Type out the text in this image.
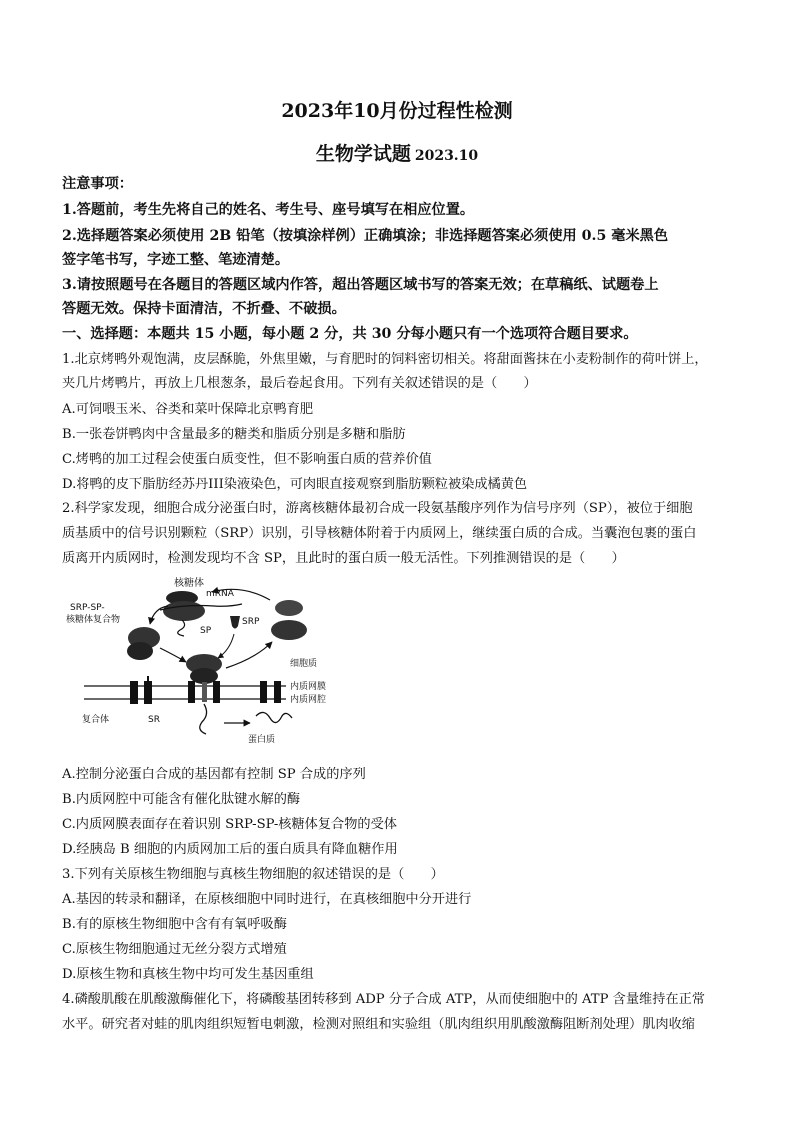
2023年10月份过程性检测
生物学试题 2023.10
注意事项：
1.答题前，考生先将自己的姓名、考生号、座号填写在相应位置。
2.选择题答案必须使用 2B 铅笔（按填涂样例）正确填涂；非选择题答案必须使用 0.5 毫米黑色
签字笔书写，字迹工整、笔迹清楚。
3.请按照题号在各题目的答题区域内作答，超出答题区域书写的答案无效；在草稿纸、试题卷上
答题无效。保持卡面清洁，不折叠、不破损。
一、选择题：本题共 15 小题，每小题 2 分，共 30 分每小题只有一个选项符合题目要求。
1.北京烤鸭外观饱满，皮层酥脆，外焦里嫩，与育肥时的饲料密切相关。将甜面酱抹在小麦粉制作的荷叶饼上，
夹几片烤鸭片，再放上几根葱条，最后卷起食用。下列有关叙述错误的是（　　）
A.可饲喂玉米、谷类和菜叶保障北京鸭育肥
B.一张卷饼鸭肉中含量最多的糖类和脂质分别是多糖和脂肪
C.烤鸭的加工过程会使蛋白质变性，但不影响蛋白质的营养价值
D.将鸭的皮下脂肪经苏丹III染液染色，可肉眼直接观察到脂肪颗粒被染成橘黄色
2.科学家发现，细胞合成分泌蛋白时，游离核糖体最初合成一段氨基酸序列作为信号序列（SP），被位于细胞
质基质中的信号识别颗粒（SRP）识别，引导核糖体附着于内质网上，继续蛋白质的合成。当囊泡包裹的蛋白
质离开内质网时，检测发现均不含 SP，且此时的蛋白质一般无活性。下列推测错误的是（　　）
核糖体
mRNA
SP
SRP
SRP-SP-
核糖体复合物
复合体	SR
蛋白质
细胞质
内质网膜
内质网腔
A.控制分泌蛋白合成的基因都有控制 SP 合成的序列
B.内质网腔中可能含有催化肽键水解的酶
C.内质网膜表面存在着识别 SRP-SP-核糖体复合物的受体
D.经胰岛 B 细胞的内质网加工后的蛋白质具有降血糖作用
3.下列有关原核生物细胞与真核生物细胞的叙述错误的是（　　）
A.基因的转录和翻译，在原核细胞中同时进行，在真核细胞中分开进行
B.有的原核生物细胞中含有有氧呼吸酶
C.原核生物细胞通过无丝分裂方式增殖
D.原核生物和真核生物中均可发生基因重组
4.磷酸肌酸在肌酸激酶催化下，将磷酸基团转移到 ADP 分子合成 ATP，从而使细胞中的 ATP 含量维持在正常
水平。研究者对蛙的肌肉组织短暂电刺激，检测对照组和实验组（肌肉组织用肌酸激酶阻断剂处理）肌肉收缩
